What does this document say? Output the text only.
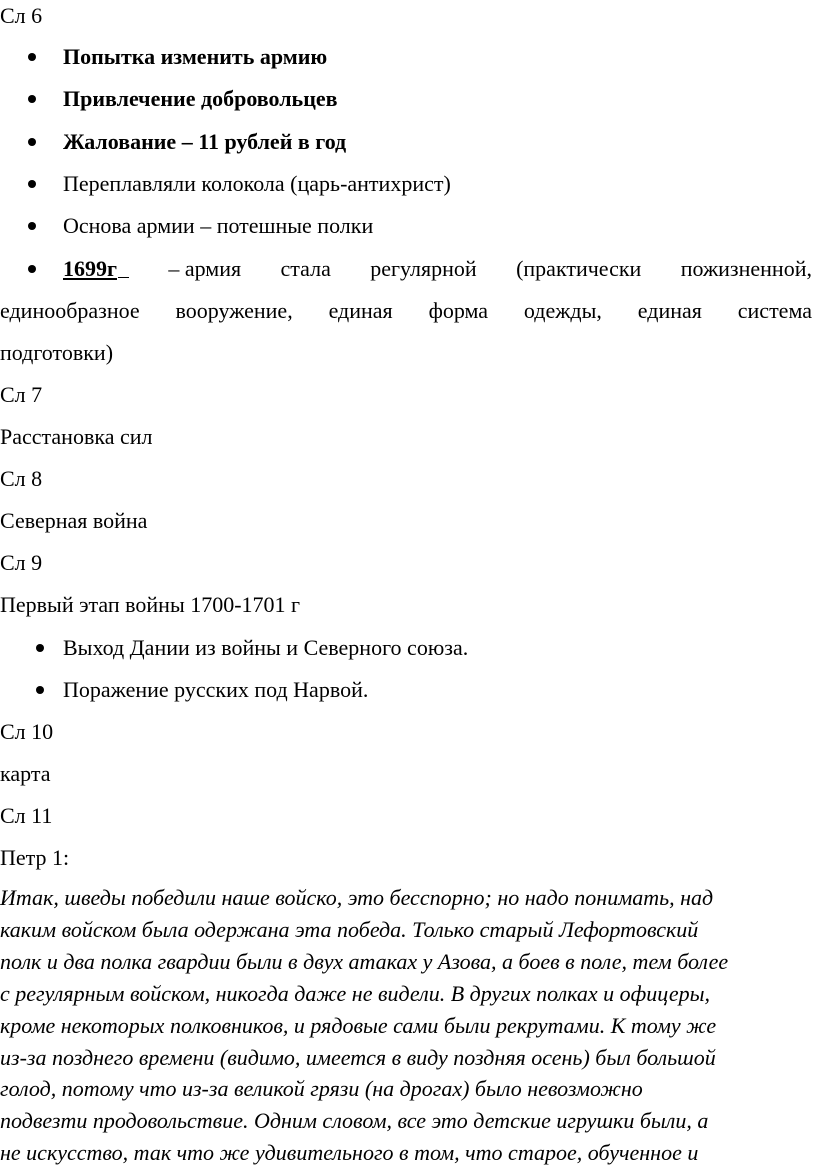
Сл 6
Попытка изменить армию
Привлечение добровольцев
Жалование – 11 рублей в год
Переплавляли колокола (царь-антихрист)
Основа армии – потешные полки
1699г
– армия стала регулярной (практически пожизненной,
единообразное вооружение, единая форма одежды, единая система
подготовки)
Сл 7
Расстановка сил
Сл 8
Северная война
Сл 9
Первый этап войны 1700-1701 г
Выход Дании из войны и Северного союза.
Поражение русских под Нарвой.
Сл 10
карта
Сл 11
Петр 1:
Итак, шведы победили наше войско, это бесспорно; но надо понимать, над
каким войском была одержана эта победа. Только старый Лефортовский
полк и два полка гвардии были в двух атаках у Азова, а боев в поле, тем более
с регулярным войском, никогда даже не видели. В других полках и офицеры,
кроме некоторых полковников, и рядовые сами были рекрутами. К тому же
из-за позднего времени (видимо, имеется в виду поздняя осень) был большой
голод, потому что из-за великой грязи (на дрогах) было невозможно
подвезти продовольствие. Одним словом, все это детские игрушки были, а
не искусство, так что же удивительного в том, что старое, обученное и
